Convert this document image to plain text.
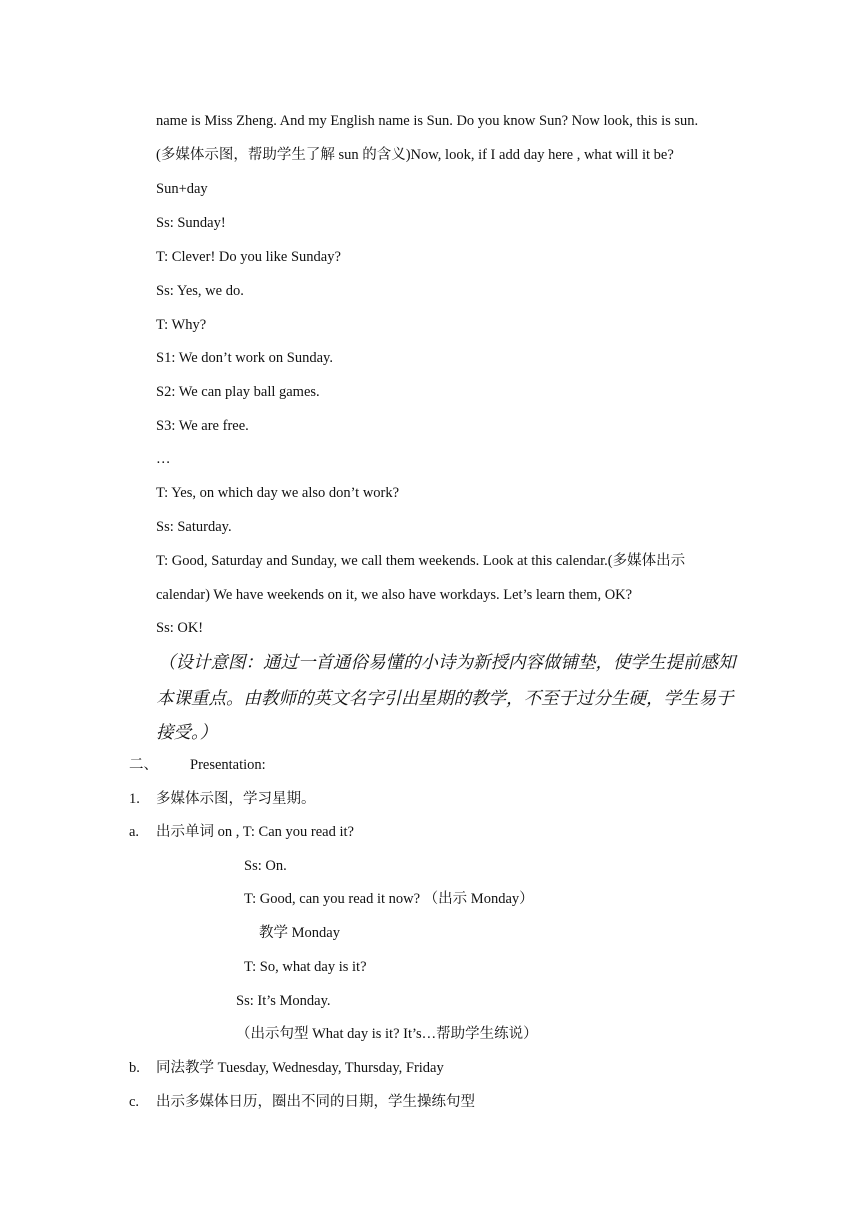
name is Miss Zheng. And my English name is Sun. Do you know Sun? Now look, this is sun.
(多媒体示图，帮助学生了解 sun 的含义)Now, look, if I add day here , what will it be?
Sun+day
Ss: Sunday!
T: Clever! Do you like Sunday?
Ss: Yes, we do.
T: Why?
S1: We don’t work on Sunday.
S2: We can play ball games.
S3: We are free.
…
T: Yes, on which day we also don’t work?
Ss: Saturday.
T: Good, Saturday and Sunday, we call them weekends. Look at this calendar.(多媒体出示
calendar) We have weekends on it, we also have workdays. Let’s learn them, OK?
Ss: OK!
（设计意图：通过一首通俗易懂的小诗为新授内容做铺垫，使学生提前感知
本课重点。由教师的英文名字引出星期的教学，不至于过分生硬，学生易于
接受。）
二、 Presentation:
1. 多媒体示图，学习星期。
a. 出示单词 on , T: Can you read it?
Ss: On.
T: Good, can you read it now? （出示 Monday）
教学 Monday
T: So, what day is it?
Ss: It’s Monday.
（出示句型 What day is it? It’s…帮助学生练说）
b. 同法教学 Tuesday, Wednesday, Thursday, Friday
c. 出示多媒体日历，圈出不同的日期，学生操练句型
